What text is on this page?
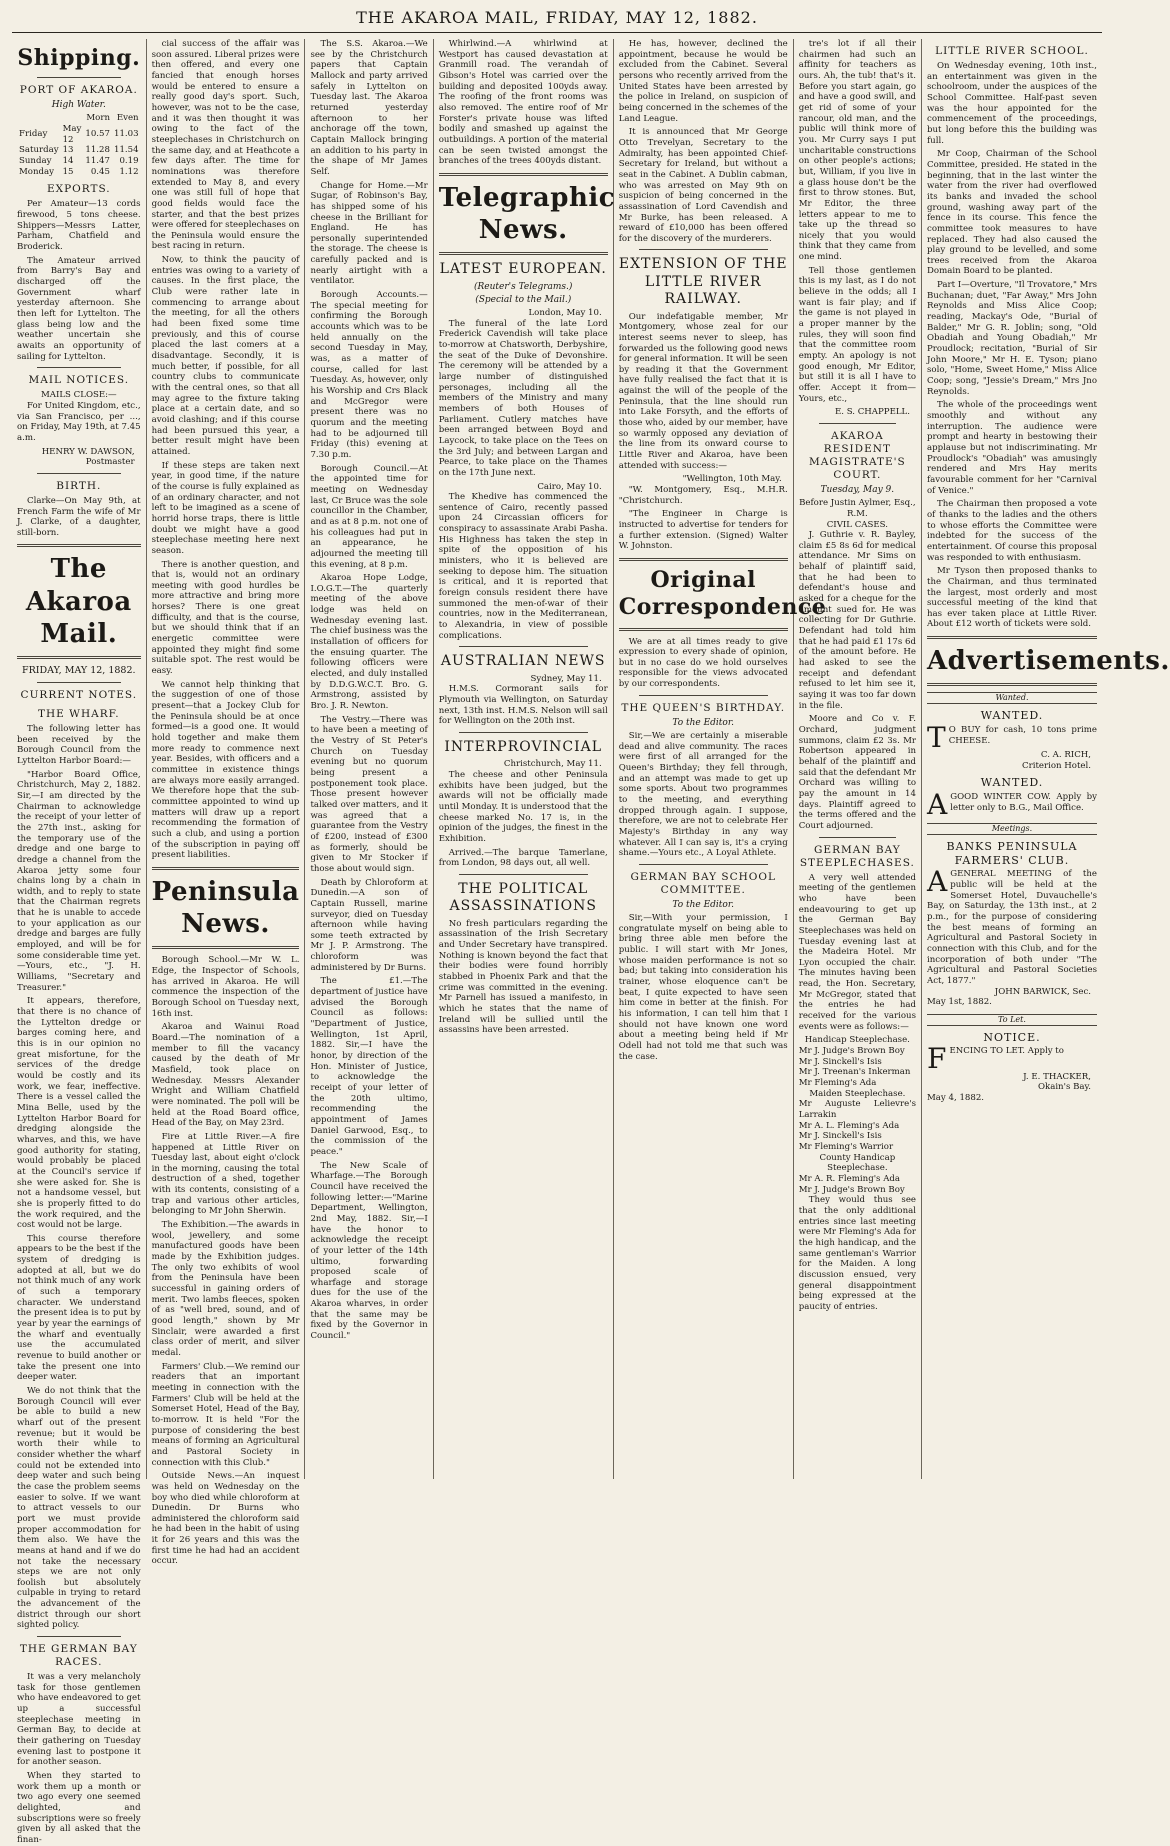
THE AKAROA MAIL, FRIDAY, MAY 12, 1882.
Shipping.
PORT OF AKAROA.
High Water.
		Morn	Even
Friday	May 12	10.57	11.03
Saturday	13	11.28	11.54
Sunday	14	11.47	0.19
Monday	15	0.45	1.12
EXPORTS.

Per Amateur—13 cords firewood, 5 tons cheese. Shippers—Messrs Latter, Parham, Chatfield and Broderick.

The Amateur arrived from Barry's Bay and discharged off the Government wharf yesterday afternoon. She then left for Lyttelton. The glass being low and the weather uncertain she awaits an opportunity of sailing for Lyttelton.

MAIL NOTICES.
MAILS CLOSE:—

For United Kingdom, etc., via San Francisco, per ..., on Friday, May 19th, at 7.45 a.m.

HENRY W. DAWSON,
Postmaster
BIRTH.

Clarke—On May 9th, at French Farm the wife of Mr J. Clarke, of a daughter, still-born.

The Akaroa Mail.
FRIDAY, MAY 12, 1882.
CURRENT NOTES.
THE WHARF.

The following letter has been received by the Borough Council from the Lyttelton Harbor Board:—

"Harbor Board Office, Christchurch, May 2, 1882. Sir,—I am directed by the Chairman to acknowledge the receipt of your letter of the 27th inst., asking for the temporary use of the dredge and one barge to dredge a channel from the Akaroa jetty some four chains long by a chain in width, and to reply to state that the Chairman regrets that he is unable to accede to your application as our dredge and barges are fully employed, and will be for some considerable time yet.—Yours, etc., "J. H. Williams, "Secretary and Treasurer."

It appears, therefore, that there is no chance of the Lyttelton dredge or barges coming here, and this is in our opinion no great misfortune, for the services of the dredge would be costly and its work, we fear, ineffective. There is a vessel called the Mina Belle, used by the Lyttelton Harbor Board for dredging alongside the wharves, and this, we have good authority for stating, would probably be placed at the Council's service if she were asked for. She is not a handsome vessel, but she is properly fitted to do the work required, and the cost would not be large.

This course therefore appears to be the best if the system of dredging is adopted at all, but we do not think much of any work of such a temporary character. We understand the present idea is to put by year by year the earnings of the wharf and eventually use the accumulated revenue to build another or take the present one into deeper water.

We do not think that the Borough Council will ever be able to build a new wharf out of the present revenue; but it would be worth their while to consider whether the wharf could not be extended into deep water and such being the case the problem seems easier to solve. If we want to attract vessels to our port we must provide proper accommodation for them also. We have the means at hand and if we do not take the necessary steps we are not only foolish but absolutely culpable in trying to retard the advancement of the district through our short sighted policy.

THE GERMAN BAY RACES.

It was a very melancholy task for those gentlemen who have endeavored to get up a successful steeplechase meeting in German Bay, to decide at their gathering on Tuesday evening last to postpone it for another season.

When they started to work them up a month or two ago every one seemed delighted, and subscriptions were so freely given by all asked that the finan-

cial success of the affair was soon assured. Liberal prizes were then offered, and every one fancied that enough horses would be entered to ensure a really good day's sport. Such, however, was not to be the case, and it was then thought it was owing to the fact of the steeplechases in Christchurch on the same day, and at Heathcote a few days after. The time for nominations was therefore extended to May 8, and every one was still full of hope that good fields would face the starter, and that the best prizes were offered for steeplechases on the Peninsula would ensure the best racing in return.

Now, to think the paucity of entries was owing to a variety of causes. In the first place, the Club were rather late in commencing to arrange about the meeting, for all the others had been fixed some time previously, and this of course placed the last comers at a disadvantage. Secondly, it is much better, if possible, for all country clubs to communicate with the central ones, so that all may agree to the fixture taking place at a certain date, and so avoid clashing; and if this course had been pursued this year, a better result might have been attained.

If these steps are taken next year, in good time, if the nature of the course is fully explained as of an ordinary character, and not left to be imagined as a scene of horrid horse traps, there is little doubt we might have a good steeplechase meeting here next season.

There is another question, and that is, would not an ordinary meeting with good hurdles be more attractive and bring more horses? There is one great difficulty, and that is the course, but we should think that if an energetic committee were appointed they might find some suitable spot. The rest would be easy.

We cannot help thinking that the suggestion of one of those present—that a Jockey Club for the Peninsula should be at once formed—is a good one. It would hold together and make them more ready to commence next year. Besides, with officers and a committee in existence things are always more easily arranged. We therefore hope that the sub-committee appointed to wind up matters will draw up a report recommending the formation of such a club, and using a portion of the subscription in paying off present liabilities.

Peninsula News.

Borough School.—Mr W. L. Edge, the Inspector of Schools, has arrived in Akaroa. He will commence the inspection of the Borough School on Tuesday next, 16th inst.

Akaroa and Wainui Road Board.—The nomination of a member to fill the vacancy caused by the death of Mr Masfield, took place on Wednesday. Messrs Alexander Wright and William Chatfield were nominated. The poll will be held at the Road Board office, Head of the Bay, on May 23rd.

Fire at Little River.—A fire happened at Little River on Tuesday last, about eight o'clock in the morning, causing the total destruction of a shed, together with its contents, consisting of a trap and various other articles, belonging to Mr John Sherwin.

The Exhibition.—The awards in wool, jewellery, and some manufactured goods have been made by the Exhibition judges. The only two exhibits of wool from the Peninsula have been successful in gaining orders of merit. Two lambs fleeces, spoken of as "well bred, sound, and of good length," shown by Mr Sinclair, were awarded a first class order of merit, and silver medal.

Farmers' Club.—We remind our readers that an important meeting in connection with the Farmers' Club will be held at the Somerset Hotel, Head of the Bay, to-morrow. It is held "For the purpose of considering the best means of forming an Agricultural and Pastoral Society in connection with this Club."

Outside News.—An inquest was held on Wednesday on the boy who died while chloroform at Dunedin. Dr Burns who administered the chloroform said he had been in the habit of using it for 26 years and this was the first time he had had an accident occur.

The S.S. Akaroa.—We see by the Christchurch papers that Captain Mallock and party arrived safely in Lyttelton on Tuesday last. The Akaroa returned yesterday afternoon to her anchorage off the town, Captain Mallock bringing an addition to his party in the shape of Mr James Self.

Change for Home.—Mr Sugar, of Robinson's Bay, has shipped some of his cheese in the Brilliant for England. He has personally superintended the storage. The cheese is carefully packed and is nearly airtight with a ventilator.

Borough Accounts.—The special meeting for confirming the Borough accounts which was to be held annually on the second Tuesday in May, was, as a matter of course, called for last Tuesday. As, however, only his Worship and Crs Black and McGregor were present there was no quorum and the meeting had to be adjourned till Friday (this) evening at 7.30 p.m.

Borough Council.—At the appointed time for meeting on Wednesday last, Cr Bruce was the sole councillor in the Chamber, and as at 8 p.m. not one of his colleagues had put in an appearance, he adjourned the meeting till this evening, at 8 p.m.

Akaroa Hope Lodge, I.O.G.T.—The quarterly meeting of the above lodge was held on Wednesday evening last. The chief business was the installation of officers for the ensuing quarter. The following officers were elected, and duly installed by D.D.G.W.C.T. Bro. G. Armstrong, assisted by Bro. J. R. Newton.

The Vestry.—There was to have been a meeting of the Vestry of St Peter's Church on Tuesday evening but no quorum being present a postponement took place. Those present however talked over matters, and it was agreed that a guarantee from the Vestry of £200, instead of £300 as formerly, should be given to Mr Stocker if those about would sign.

Death by Chloroform at Dunedin.—A son of Captain Russell, marine surveyor, died on Tuesday afternoon while having some teeth extracted by Mr J. P. Armstrong. The chloroform was administered by Dr Burns.

The £1.—The department of justice have advised the Borough Council as follows: "Department of Justice, Wellington, 1st April, 1882. Sir,—I have the honor, by direction of the Hon. Minister of Justice, to acknowledge the receipt of your letter of the 20th ultimo, recommending the appointment of James Daniel Garwood, Esq., to the commission of the peace."

The New Scale of Wharfage.—The Borough Council have received the following letter:—"Marine Department, Wellington, 2nd May, 1882. Sir,—I have the honor to acknowledge the receipt of your letter of the 14th ultimo, forwarding proposed scale of wharfage and storage dues for the use of the Akaroa wharves, in order that the same may be fixed by the Governor in Council."

Whirlwind.—A whirlwind at Westport has caused devastation at Granmill road. The verandah of Gibson's Hotel was carried over the building and deposited 100yds away. The roofing of the front rooms was also removed. The entire roof of Mr Forster's private house was lifted bodily and smashed up against the outbuildings. A portion of the material can be seen twisted amongst the branches of the trees 400yds distant.

Telegraphic News.
LATEST EUROPEAN.
(Reuter's Telegrams.)
(Special to the Mail.)
London, May 10.

The funeral of the late Lord Frederick Cavendish will take place to-morrow at Chatsworth, Derbyshire, the seat of the Duke of Devonshire. The ceremony will be attended by a large number of distinguished personages, including all the members of the Ministry and many members of both Houses of Parliament. Cutlery matches have been arranged between Boyd and Laycock, to take place on the Tees on the 3rd July; and between Largan and Pearce, to take place on the Thames on the 17th June next.

Cairo, May 10.

The Khedive has commenced the sentence of Cairo, recently passed upon 24 Circassian officers for conspiracy to assassinate Arabi Pasha. His Highness has taken the step in spite of the opposition of his ministers, who it is believed are seeking to depose him. The situation is critical, and it is reported that foreign consuls resident there have summoned the men-of-war of their countries, now in the Mediterranean, to Alexandria, in view of possible complications.

AUSTRALIAN NEWS
Sydney, May 11.

H.M.S. Cormorant sails for Plymouth via Wellington, on Saturday next, 13th inst. H.M.S. Nelson will sail for Wellington on the 20th inst.

INTERPROVINCIAL
Christchurch, May 11.

The cheese and other Peninsula exhibits have been judged, but the awards will not be officially made until Monday. It is understood that the cheese marked No. 17 is, in the opinion of the judges, the finest in the Exhibition.

Arrived.—The barque Tamerlane, from London, 98 days out, all well.

THE POLITICAL ASSASSINATIONS

No fresh particulars regarding the assassination of the Irish Secretary and Under Secretary have transpired. Nothing is known beyond the fact that their bodies were found horribly stabbed in Phoenix Park and that the crime was committed in the evening. Mr Parnell has issued a manifesto, in which he states that the name of Ireland will be sullied until the assassins have been arrested.

He has, however, declined the appointment, because he would be excluded from the Cabinet. Several persons who recently arrived from the United States have been arrested by the police in Ireland, on suspicion of being concerned in the schemes of the Land League.

It is announced that Mr George Otto Trevelyan, Secretary to the Admiralty, has been appointed Chief-Secretary for Ireland, but without a seat in the Cabinet. A Dublin cabman, who was arrested on May 9th on suspicion of being concerned in the assassination of Lord Cavendish and Mr Burke, has been released. A reward of £10,000 has been offered for the discovery of the murderers.

EXTENSION OF THE LITTLE RIVER RAILWAY.

Our indefatigable member, Mr Montgomery, whose zeal for our interest seems never to sleep, has forwarded us the following good news for general information. It will be seen by reading it that the Government have fully realised the fact that it is against the will of the people of the Peninsula, that the line should run into Lake Forsyth, and the efforts of those who, aided by our member, have so warmly opposed any deviation of the line from its onward course to Little River and Akaroa, have been attended with success:—

"Wellington, 10th May.

"W. Montgomery, Esq., M.H.R. "Christchurch.

"The Engineer in Charge is instructed to advertise for tenders for a further extension. (Signed) Walter W. Johnston.

Original Correspondence

We are at all times ready to give expression to every shade of opinion, but in no case do we hold ourselves responsible for the views advocated by our correspondents.

THE QUEEN'S BIRTHDAY.
To the Editor.

Sir,—We are certainly a miserable dead and alive community. The races were first of all arranged for the Queen's Birthday; they fell through, and an attempt was made to get up some sports. About two programmes to the meeting, and everything dropped through again. I suppose, therefore, we are not to celebrate Her Majesty's Birthday in any way whatever. All I can say is, it's a crying shame.—Yours etc., A Loyal Athlete.

GERMAN BAY SCHOOL COMMITTEE.
To the Editor.

Sir,—With your permission, I congratulate myself on being able to bring three able men before the public. I will start with Mr Jones, whose maiden performance is not so bad; but taking into consideration his trainer, whose eloquence can't be beat, I quite expected to have seen him come in better at the finish. For his information, I can tell him that I should not have known one word about a meeting being held if Mr Odell had not told me that such was the case.

tre's lot if all their chairmen had such an affinity for teachers as ours. Ah, the tub! that's it. Before you start again, go and have a good swill, and get rid of some of your rancour, old man, and the public will think more of you. Mr Curry says I put uncharitable constructions on other people's actions; but, William, if you live in a glass house don't be the first to throw stones. But, Mr Editor, the three letters appear to me to take up the thread so nicely that you would think that they came from one mind.

Tell those gentlemen this is my last, as I do not believe in the odds; all I want is fair play; and if the game is not played in a proper manner by the rules, they will soon find that the committee room empty. An apology is not good enough, Mr Editor, but still it is all I have to offer. Accept it from—Yours, etc.,

E. S. CHAPPELL.
AKAROA RESIDENT MAGISTRATE'S COURT.
Tuesday, May 9.
Before Justin Aylmer, Esq., R.M.
CIVIL CASES.

J. Guthrie v. R. Bayley, claim £5 8s 6d for medical attendance. Mr Sims on behalf of plaintiff said, that he had been to defendant's house and asked for a cheque for the amount sued for. He was collecting for Dr Guthrie. Defendant had told him that he had paid £1 17s 6d of the amount before. He had asked to see the receipt and defendant refused to let him see it, saying it was too far down in the file.

Moore and Co v. F. Orchard, judgment summons, claim £2 3s. Mr Robertson appeared in behalf of the plaintiff and said that the defendant Mr Orchard was willing to pay the amount in 14 days. Plaintiff agreed to the terms offered and the Court adjourned.

GERMAN BAY STEEPLECHASES.

A very well attended meeting of the gentlemen who have been endeavouring to get up the German Bay Steeplechases was held on Tuesday evening last at the Madeira Hotel. Mr Lyon occupied the chair. The minutes having been read, the Hon. Secretary, Mr McGregor, stated that the entries he had received for the various events were as follows:—

Handicap Steeplechase.
Mr J. Judge's Brown Boy
Mr J. Sinckell's Isis
Mr J. Treenan's Inkerman
Mr Fleming's Ada
Maiden Steeplechase.
Mr Auguste Lelievre's Larrakin
Mr A. L. Fleming's Ada
Mr J. Sinckell's Isis
Mr Fleming's Warrior
County Handicap Steeplechase.
Mr A. R. Fleming's Ada
Mr J. Judge's Brown Boy

They would thus see that the only additional entries since last meeting were Mr Fleming's Ada for the high handicap, and the same gentleman's Warrior for the Maiden. A long discussion ensued, very general disappointment being expressed at the paucity of entries.

LITTLE RIVER SCHOOL.

On Wednesday evening, 10th inst., an entertainment was given in the schoolroom, under the auspices of the School Committee. Half-past seven was the hour appointed for the commencement of the proceedings, but long before this the building was full.

Mr Coop, Chairman of the School Committee, presided. He stated in the beginning, that in the last winter the water from the river had overflowed its banks and invaded the school ground, washing away part of the fence in its course. This fence the committee took measures to have replaced. They had also caused the play ground to be levelled, and some trees received from the Akaroa Domain Board to be planted.

Part I—Overture, "Il Trovatore," Mrs Buchanan; duet, "Far Away," Mrs John Reynolds and Miss Alice Coop; reading, Mackay's Ode, "Burial of Balder," Mr G. R. Joblin; song, "Old Obadiah and Young Obadiah," Mr Proudlock; recitation, "Burial of Sir John Moore," Mr H. E. Tyson; piano solo, "Home, Sweet Home," Miss Alice Coop; song, "Jessie's Dream," Mrs Jno Reynolds.

The whole of the proceedings went smoothly and without any interruption. The audience were prompt and hearty in bestowing their applause but not indiscriminating. Mr Proudlock's "Obadiah" was amusingly rendered and Mrs Hay merits favourable comment for her "Carnival of Venice."

The Chairman then proposed a vote of thanks to the ladies and the others to whose efforts the Committee were indebted for the success of the entertainment. Of course this proposal was responded to with enthusiasm.

Mr Tyson then proposed thanks to the Chairman, and thus terminated the largest, most orderly and most successful meeting of the kind that has ever taken place at Little River. About £12 worth of tickets were sold.

Advertisements.
Wanted.
WANTED.
T O BUY for cash, 10 tons prime CHEESE.
C. A. RICH,
Criterion Hotel.
WANTED.
AGOOD WINTER COW. Apply by letter only to B.G., Mail Office.
Meetings.
BANKS PENINSULA FARMERS' CLUB.
AGENERAL MEETING of the public will be held at the Somerset Hotel, Duvauchelle's Bay, on Saturday, the 13th inst., at 2 p.m., for the purpose of considering the best means of forming an Agricultural and Pastoral Society in connection with this Club, and for the incorporation of both under "The Agricultural and Pastoral Societies Act, 1877."
JOHN BARWICK, Sec.
May 1st, 1882.
To Let.
NOTICE.
FENCING TO LET. Apply to
J. E. THACKER,
Okain's Bay.
May 4, 1882.
